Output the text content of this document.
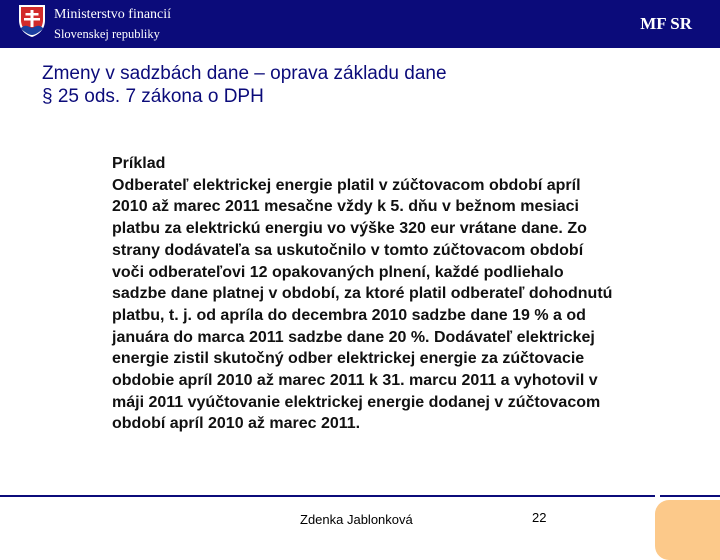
Ministerstvo financií
Slovenskej republiky
MF SR
Zmeny v sadzbách dane – oprava základu dane
§ 25 ods. 7 zákona o DPH
Príklad
Odberateľ elektrickej energie platil v zúčtovacom období apríl
2010 až marec 2011 mesačne vždy k 5. dňu v bežnom mesiaci
platbu za elektrickú energiu vo výške 320 eur vrátane dane. Zo
strany dodávateľa sa uskutočnilo v tomto zúčtovacom období
voči odberateľovi 12 opakovaných plnení, každé podliehalo
sadzbe dane platnej v období, za ktoré platil odberateľ dohodnutú
platbu, t. j. od apríla do decembra 2010 sadzbe dane 19 % a od
januára do marca 2011 sadzbe dane 20 %. Dodávateľ elektrickej
energie zistil skutočný odber elektrickej energie za zúčtovacie
obdobie apríl 2010 až marec 2011 k 31. marcu 2011 a vyhotovil v
máji 2011 vyúčtovanie elektrickej energie dodanej v zúčtovacom
období apríl 2010 až marec 2011.
Zdenka Jablonková	22
